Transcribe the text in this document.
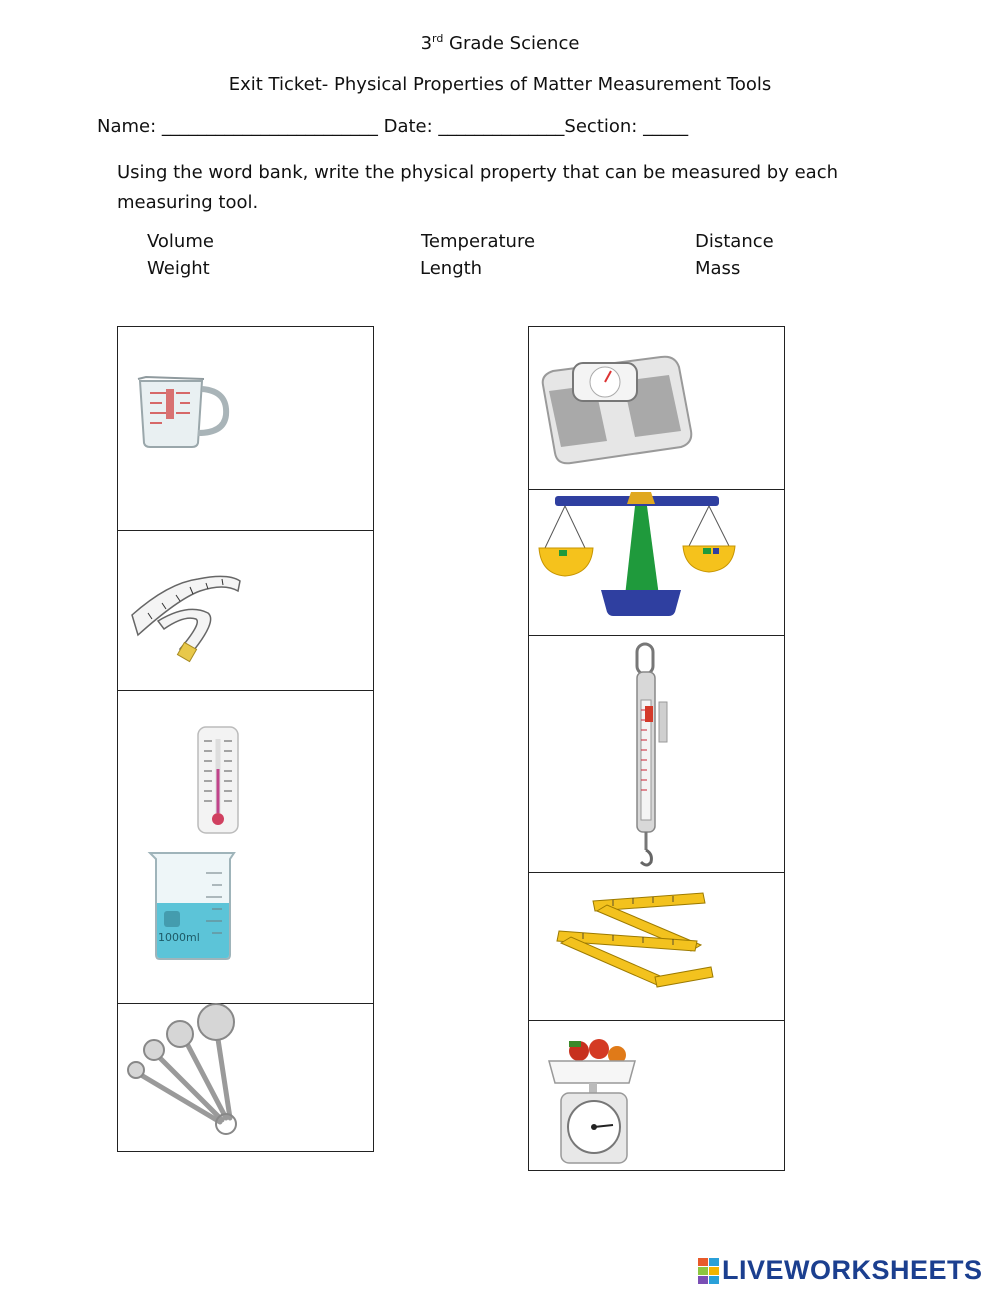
3rd Grade Science
Exit Ticket- Physical Properties of Matter Measurement Tools
Name: ________________________ Date: ______________Section: _____
Using the word bank, write the physical property that can be measured by each measuring tool.
Volume	Temperature	Distance
Weight	Length	Mass
1000ml
LIVEWORKSHEETS
